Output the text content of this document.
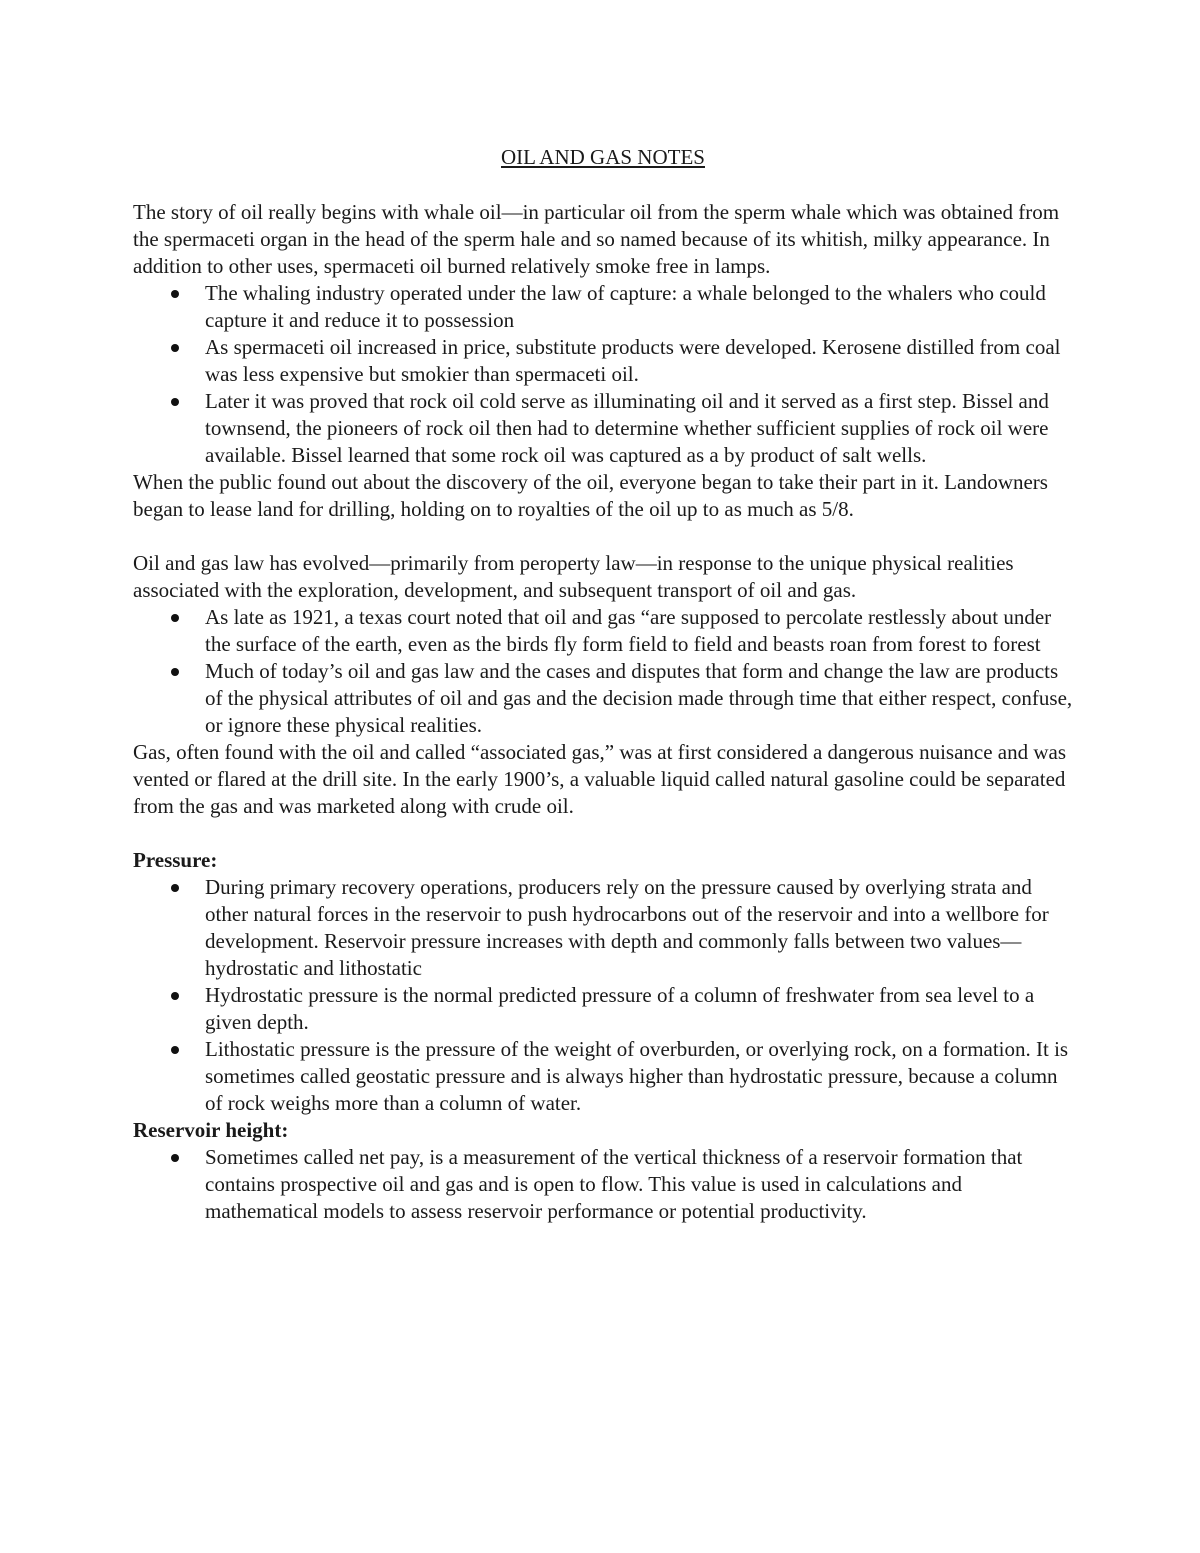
OIL AND GAS NOTES

The story of oil really begins with whale oil—in particular oil from the sperm whale which was obtained from the spermaceti organ in the head of the sperm hale and so named because of its whitish, milky appearance. In addition to other uses, spermaceti oil burned relatively smoke free in lamps.

The whaling industry operated under the law of capture: a whale belonged to the whalers who could capture it and reduce it to possession
As spermaceti oil increased in price, substitute products were developed. Kerosene distilled from coal was less expensive but smokier than spermaceti oil.
Later it was proved that rock oil cold serve as illuminating oil and it served as a first step. Bissel and townsend, the pioneers of rock oil then had to determine whether sufficient supplies of rock oil were available. Bissel learned that some rock oil was captured as a by product of salt wells.

When the public found out about the discovery of the oil, everyone began to take their part in it. Landowners began to lease land for drilling, holding on to royalties of the oil up to as much as 5/8.

Oil and gas law has evolved—primarily from peroperty law—in response to the unique physical realities associated with the exploration, development, and subsequent transport of oil and gas.

As late as 1921, a texas court noted that oil and gas “are supposed to percolate restlessly about under the surface of the earth, even as the birds fly form field to field and beasts roan from forest to forest
Much of today’s oil and gas law and the cases and disputes that form and change the law are products of the physical attributes of oil and gas and the decision made through time that either respect, confuse, or ignore these physical realities.

Gas, often found with the oil and called “associated gas,” was at first considered a dangerous nuisance and was vented or flared at the drill site. In the early 1900’s, a valuable liquid called natural gasoline could be separated from the gas and was marketed along with crude oil.

Pressure:

During primary recovery operations, producers rely on the pressure caused by overlying strata and other natural forces in the reservoir to push hydrocarbons out of the reservoir and into a wellbore for development. Reservoir pressure increases with depth and commonly falls between two values—hydrostatic and lithostatic
Hydrostatic pressure is the normal predicted pressure of a column of freshwater from sea level to a given depth.
Lithostatic pressure is the pressure of the weight of overburden, or overlying rock, on a formation. It is sometimes called geostatic pressure and is always higher than hydrostatic pressure, because a column of rock weighs more than a column of water.

Reservoir height:

Sometimes called net pay, is a measurement of the vertical thickness of a reservoir formation that contains prospective oil and gas and is open to flow. This value is used in calculations and mathematical models to assess reservoir performance or potential productivity.
